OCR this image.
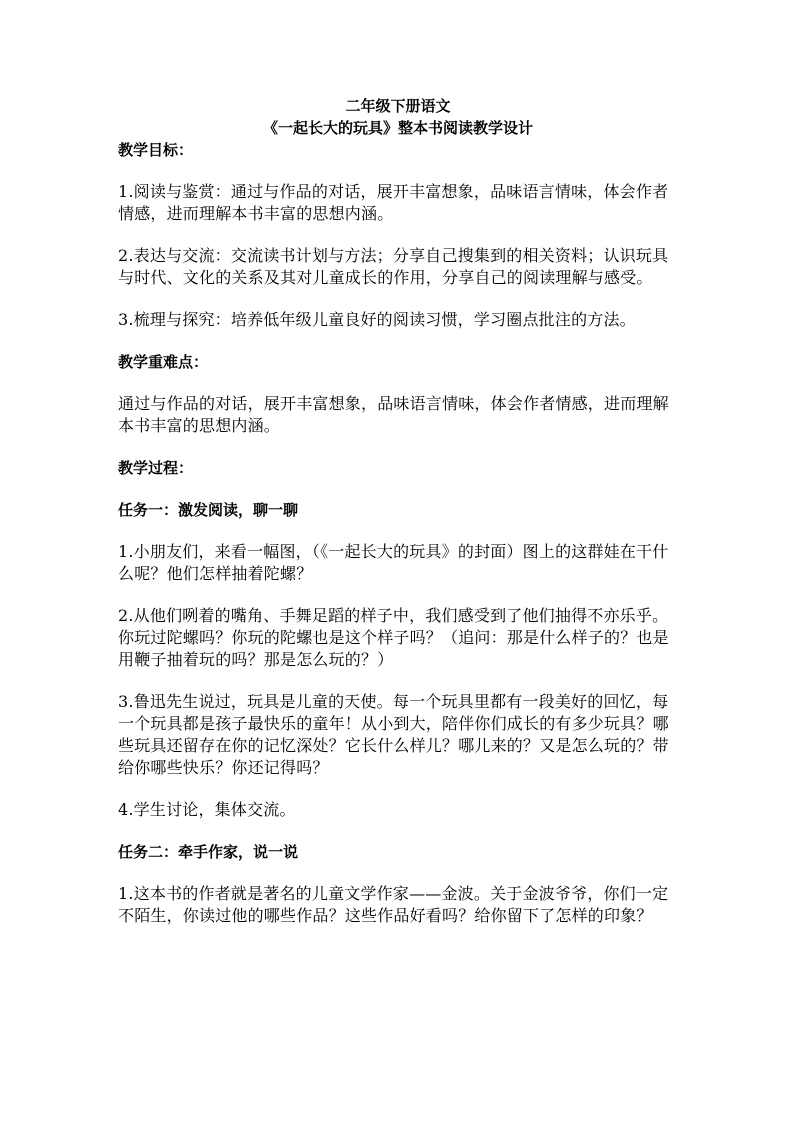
二年级下册语文

《一起长大的玩具》整本书阅读教学设计

教学目标：

1.阅读与鉴赏：通过与作品的对话，展开丰富想象，品味语言情味，体会作者情感，进而理解本书丰富的思想内涵。

2.表达与交流：交流读书计划与方法；分享自己搜集到的相关资料；认识玩具与时代、文化的关系及其对儿童成长的作用，分享自己的阅读理解与感受。

3.梳理与探究：培养低年级儿童良好的阅读习惯，学习圈点批注的方法。

教学重难点：

通过与作品的对话，展开丰富想象，品味语言情味，体会作者情感，进而理解本书丰富的思想内涵。

教学过程：

任务一：激发阅读，聊一聊

1.小朋友们，来看一幅图，（《一起长大的玩具》的封面）图上的这群娃在干什么呢？他们怎样抽着陀螺？

2.从他们咧着的嘴角、手舞足蹈的样子中，我们感受到了他们抽得不亦乐乎。你玩过陀螺吗？你玩的陀螺也是这个样子吗？（追问：那是什么样子的？也是用鞭子抽着玩的吗？那是怎么玩的？）

3.鲁迅先生说过，玩具是儿童的天使。每一个玩具里都有一段美好的回忆，每一个玩具都是孩子最快乐的童年！从小到大，陪伴你们成长的有多少玩具？哪些玩具还留存在你的记忆深处？它长什么样儿？哪儿来的？又是怎么玩的？带给你哪些快乐？你还记得吗？

4.学生讨论，集体交流。

任务二：牵手作家，说一说

1.这本书的作者就是著名的儿童文学作家——金波。关于金波爷爷，你们一定不陌生，你读过他的哪些作品？这些作品好看吗？给你留下了怎样的印象？
